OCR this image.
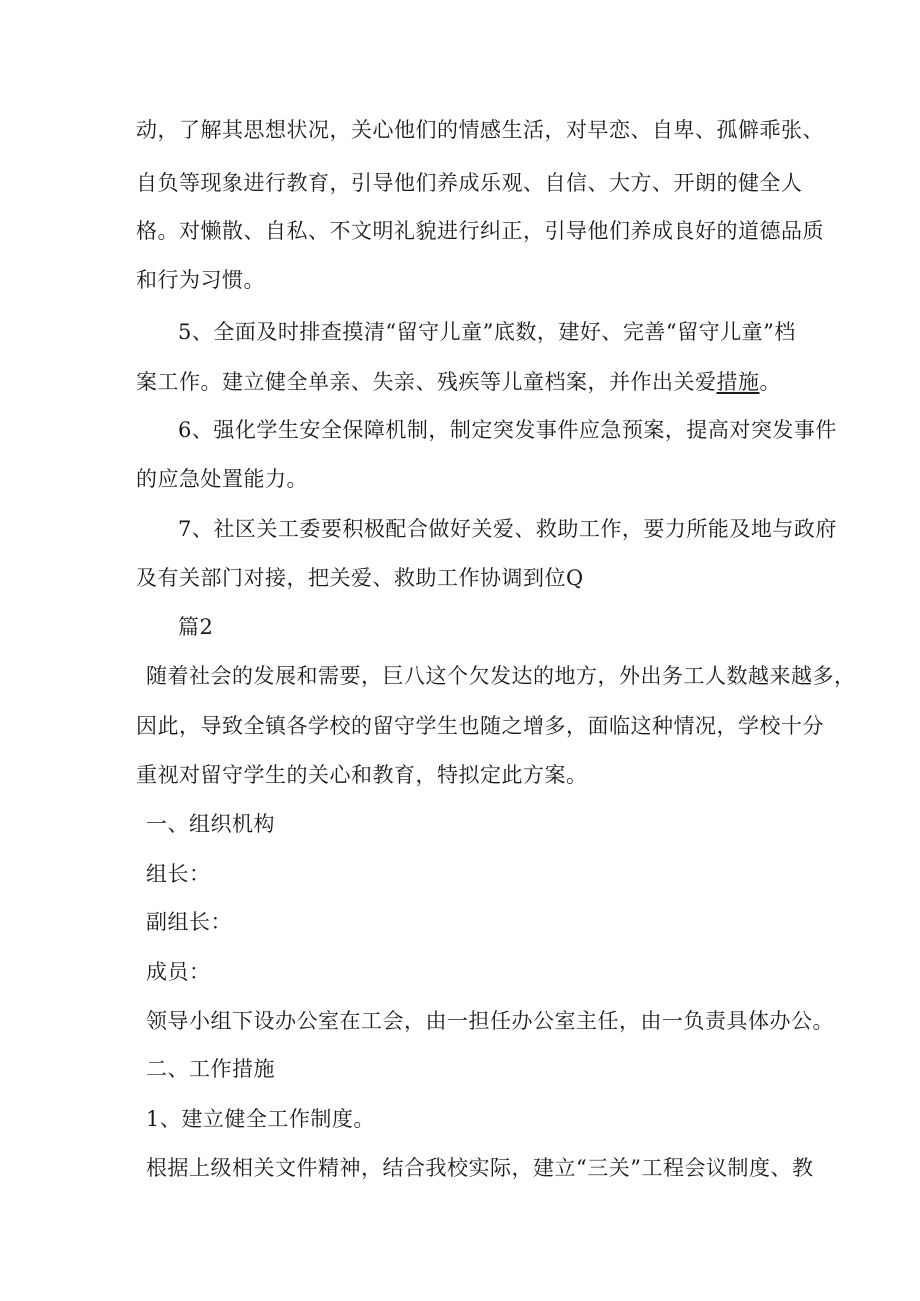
动，了解其思想状况，关心他们的情感生活，对早恋、自卑、孤僻乖张、
自负等现象进行教育，引导他们养成乐观、自信、大方、开朗的健全人
格。对懒散、自私、不文明礼貌进行纠正，引导他们养成良好的道德品质
和行为习惯。
5、全面及时排查摸清“留守儿童”底数，建好、完善“留守儿童”档
案工作。建立健全单亲、失亲、残疾等儿童档案，并作出关爱措施。
6、强化学生安全保障机制，制定突发事件应急预案，提高对突发事件
的应急处置能力。
7、社区关工委要积极配合做好关爱、救助工作，要力所能及地与政府
及有关部门对接，把关爱、救助工作协调到位Q
篇2
随着社会的发展和需要，巨八这个欠发达的地方，外出务工人数越来越多，
因此，导致全镇各学校的留守学生也随之增多，面临这种情况，学校十分
重视对留守学生的关心和教育，特拟定此方案。
一、组织机构
组长：
副组长：
成员：
领导小组下设办公室在工会，由一担任办公室主任，由一负责具体办公。
二、工作措施
1、建立健全工作制度。
根据上级相关文件精神，结合我校实际，建立“三关”工程会议制度、教
